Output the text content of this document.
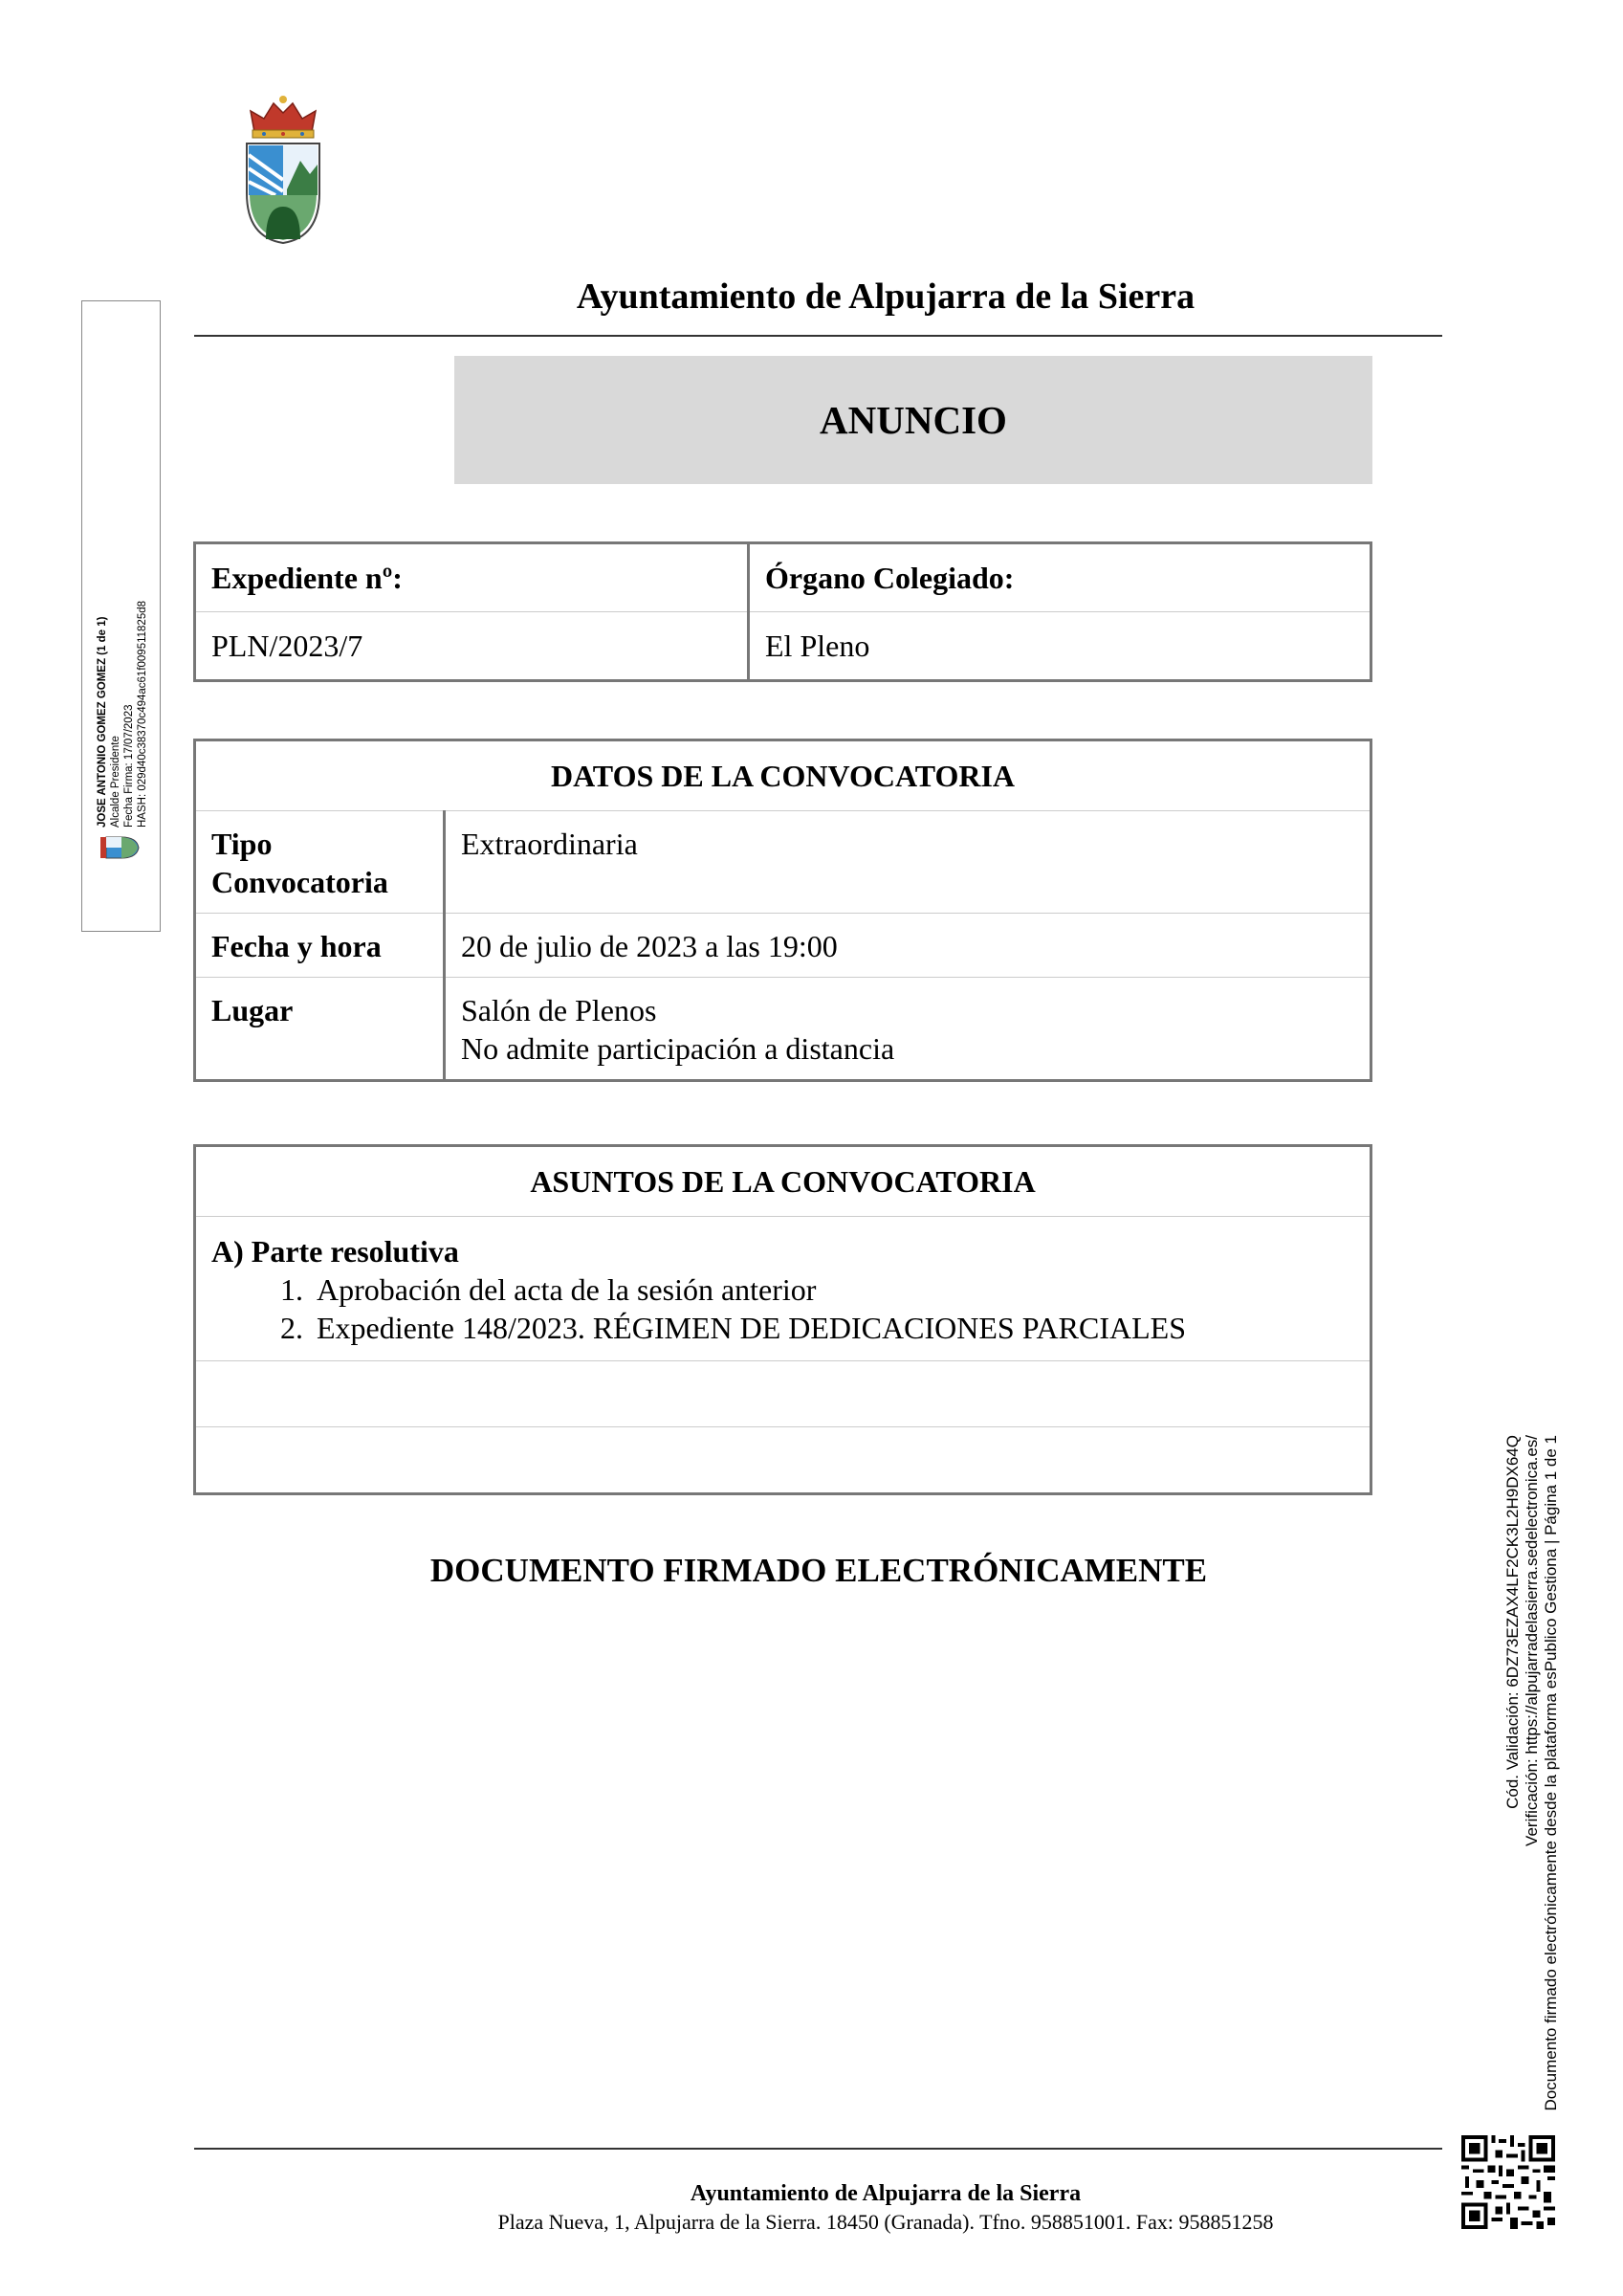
Ayuntamiento de Alpujarra de la Sierra
ANUNCIO
Expediente nº:	Órgano Colegiado:
PLN/2023/7	El Pleno
DATOS DE LA CONVOCATORIA	

Tipo
Convocatoria	Extraordinaria

Fecha y hora	20 de julio de 2023 a las 19:00

Lugar	Salón de Plenos
No admite participación a distancia
ASUNTOS DE LA CONVOCATORIA

A) Parte resolutiva
1. Aprobación del acta de la sesión anterior
2. Expediente 148/2023. RÉGIMEN DE DEDICACIONES PARCIALES

DOCUMENTO FIRMADO ELECTRÓNICAMENTE
Ayuntamiento de Alpujarra de la Sierra
Plaza Nueva, 1, Alpujarra de la Sierra. 18450 (Granada). Tfno. 958851001. Fax: 958851258
JOSE ANTONIO GOMEZ GOMEZ (1 de 1) Alcalde Presidente Fecha Firma: 17/07/2023 HASH: 029d40c38370c494ac61f009511825d8
Cód. Validación: 6DZ73EZAX4LF2CK3L2H9DX64Q Verificación: https://alpujarradelasierra.sedelectronica.es/ Documento firmado electrónicamente desde la plataforma esPublico Gestiona | Página 1 de 1
